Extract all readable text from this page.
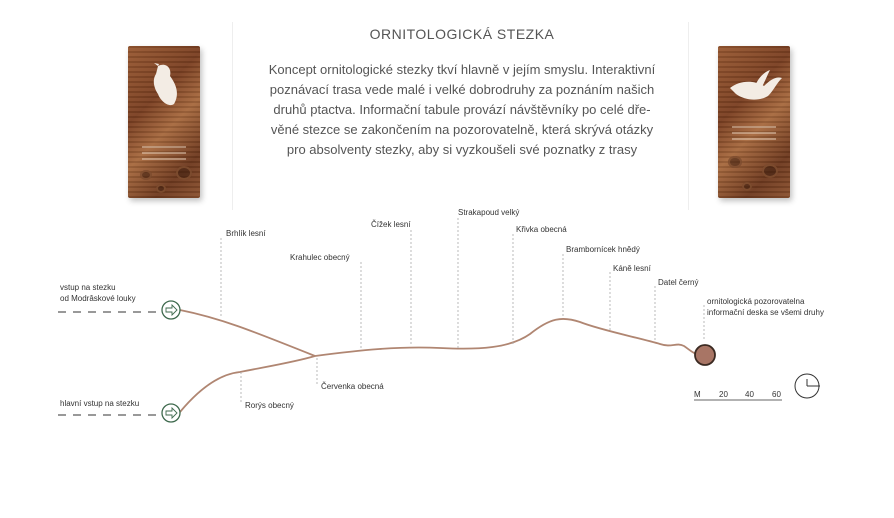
ORNITOLOGICKÁ STEZKA
Koncept ornitologické stezky tkví hlavně v jejím smyslu. Interaktivní
poznávací trasa vede malé i velké dobrodruhy za poznáním našich
druhů ptactva. Informační tabule provází návštěvníky po celé dře-
věné stezce se zakončením na pozorovatelně, která skrývá otázky
pro absolventy stezky, aby si vyzkoušeli své poznatky z trasy
vstup na stezku
od Modrâskové louky
hlavní vstup na stezku
Brhlík lesní
Krahulec obecný
Čížek lesní
Strakapoud velký
Křivka obecná
Brambornícek hnědý
Káně lesní
Datel černý
Rorýs obecný
Červenka obecná
ornitologická pozorovatelna
informační deska se všemi druhy
M 20 40 60
